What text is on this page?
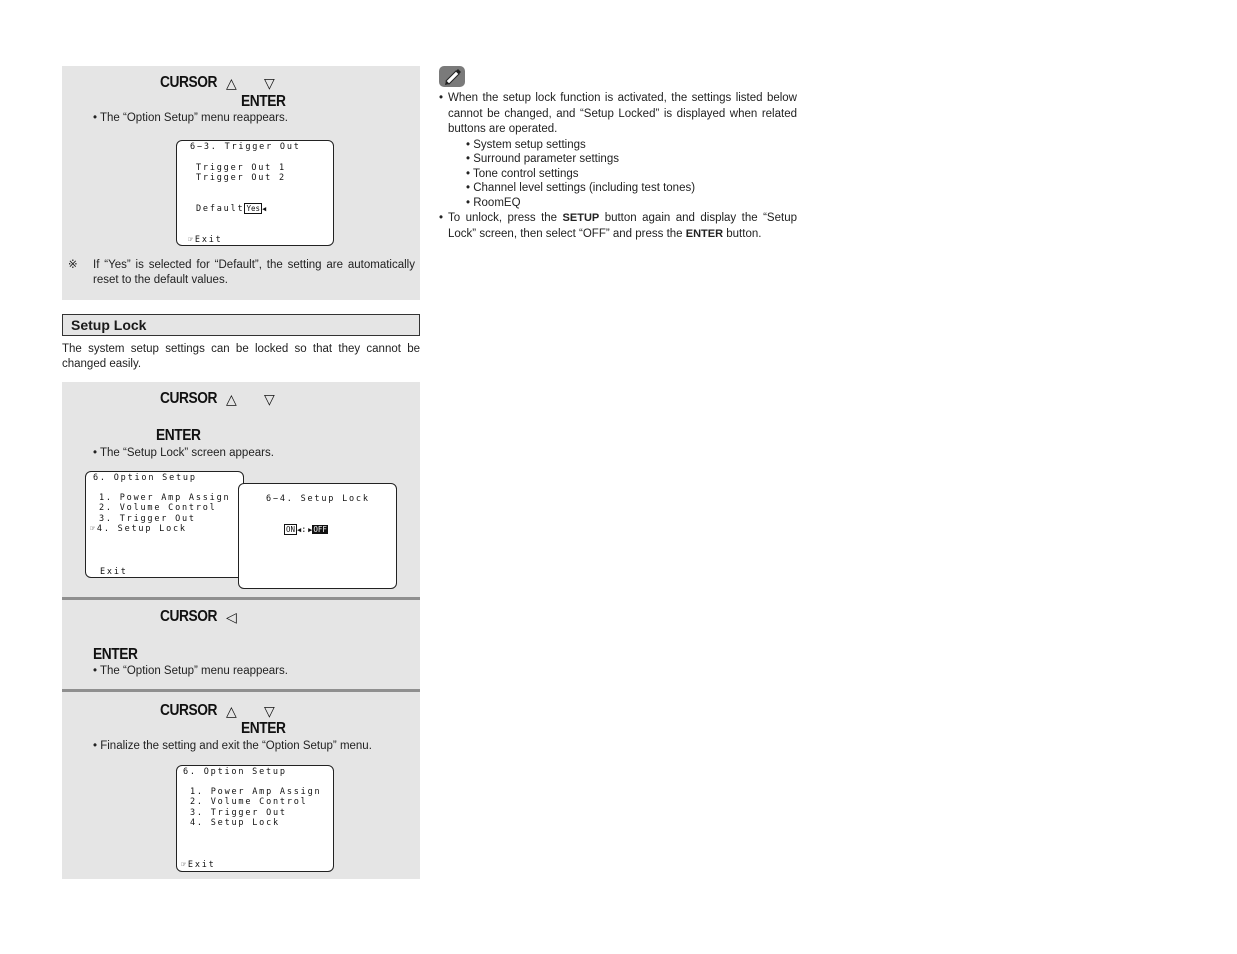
CURSOR △ ▽
ENTER
• The “Option Setup” menu reappears.
6−3. Trigger Out
Trigger Out 1
Trigger Out 2
Default Yes ◀
☞Exit
※ If “Yes” is selected for “Default”, the setting are automatically reset to the default values.
Setup Lock
The system setup settings can be locked so that they cannot be changed easily.
CURSOR △ ▽
ENTER
• The “Setup Lock” screen appears.
6. Option Setup
1. Power Amp Assign
2. Volume Control
3. Trigger Out
☞4. Setup Lock
Exit
6−4. Setup Lock
ON ◀:▶OFF
CURSOR ◁
ENTER
• The “Option Setup” menu reappears.
CURSOR △ ▽
ENTER
• Finalize the setting and exit the “Option Setup” menu.
6. Option Setup
1. Power Amp Assign
2. Volume Control
3. Trigger Out
4. Setup Lock
☞Exit
• When the setup lock function is activated, the settings listed below cannot be changed, and “Setup Locked” is displayed when related buttons are operated.
• System setup settings
• Surround parameter settings
• Tone control settings
• Channel level settings (including test tones)
• RoomEQ
• To unlock, press the SETUP button again and display the “Setup Lock” screen, then select “OFF” and press the ENTER button.
